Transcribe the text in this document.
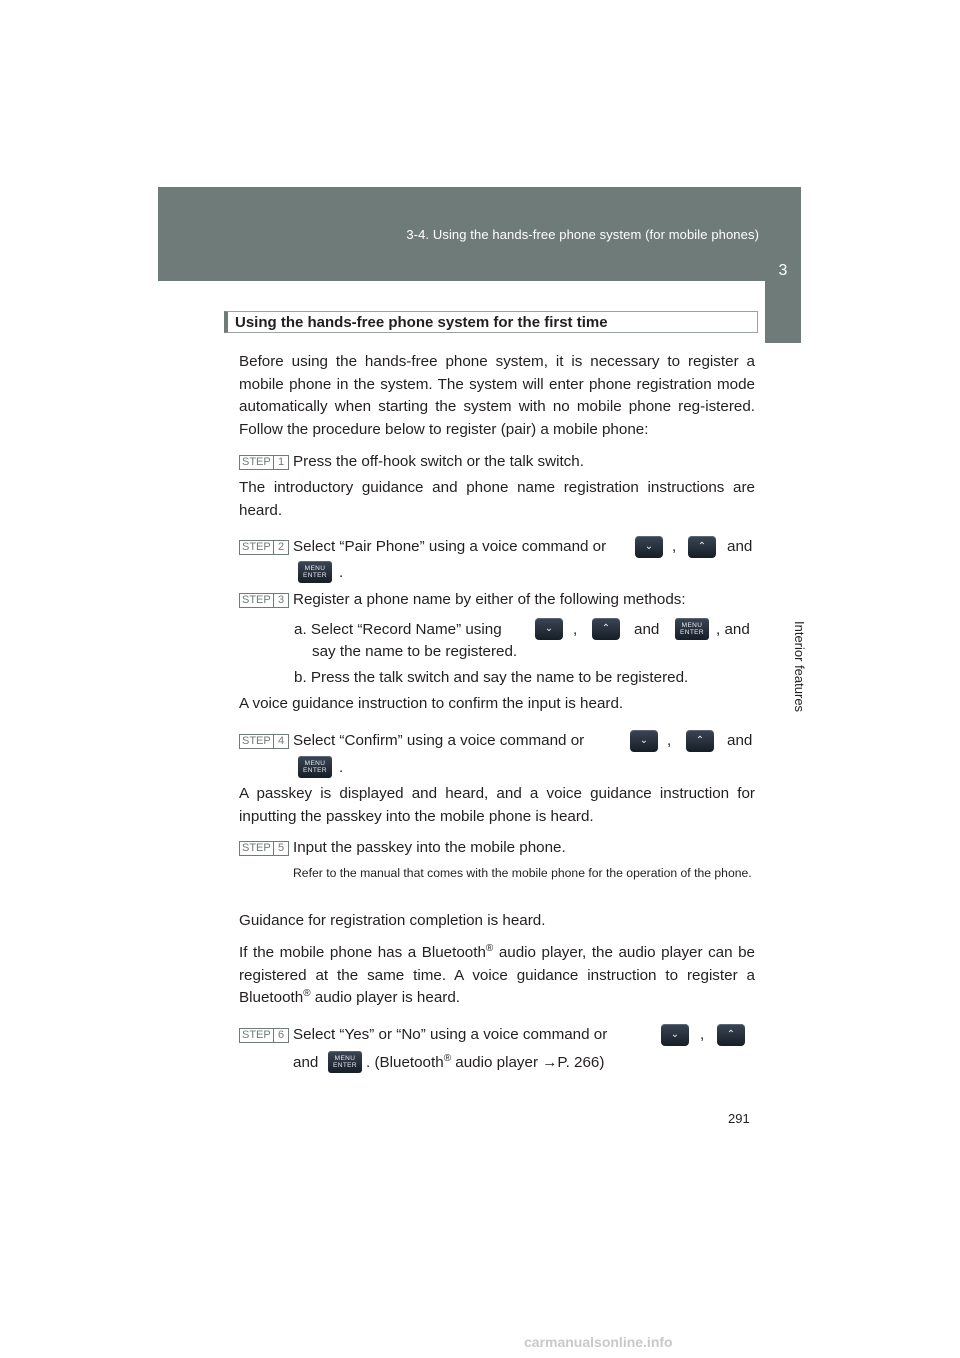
3-4. Using the hands-free phone system (for mobile phones)
3
Interior features
Using the hands-free phone system for the first time
Before using the hands-free phone system, it is necessary to register a mobile phone in the system. The system will enter phone registration mode automatically when starting the system with no mobile phone reg-istered. Follow the procedure below to register (pair) a mobile phone:
STEP 1 Press the off-hook switch or the talk switch.
The introductory guidance and phone name registration instructions are heard.
STEP 2 Select “Pair Phone” using a voice command or	⌄	,	⌃	and
MENU
ENTER .
STEP 3 Register a phone name by either of the following methods:
a. Select “Record Name” using	⌄	,	⌃	and	MENU
ENTER , and
say the name to be registered.
b. Press the talk switch and say the name to be registered.
A voice guidance instruction to confirm the input is heard.
STEP 4 Select “Confirm” using a voice command or	⌄	,	⌃	and
MENU
ENTER .
A passkey is displayed and heard, and a voice guidance instruction for inputting the passkey into the mobile phone is heard.
STEP 5 Input the passkey into the mobile phone.
Refer to the manual that comes with the mobile phone for the operation of the phone.
Guidance for registration completion is heard.
If the mobile phone has a Bluetooth® audio player, the audio player can be registered at the same time. A voice guidance instruction to register a Bluetooth® audio player is heard.
STEP 6 Select “Yes” or “No” using a voice command or	⌄	,	⌃
and	MENU
ENTER . (Bluetooth® audio player →P. 266)
291
carmanualsonline.info
